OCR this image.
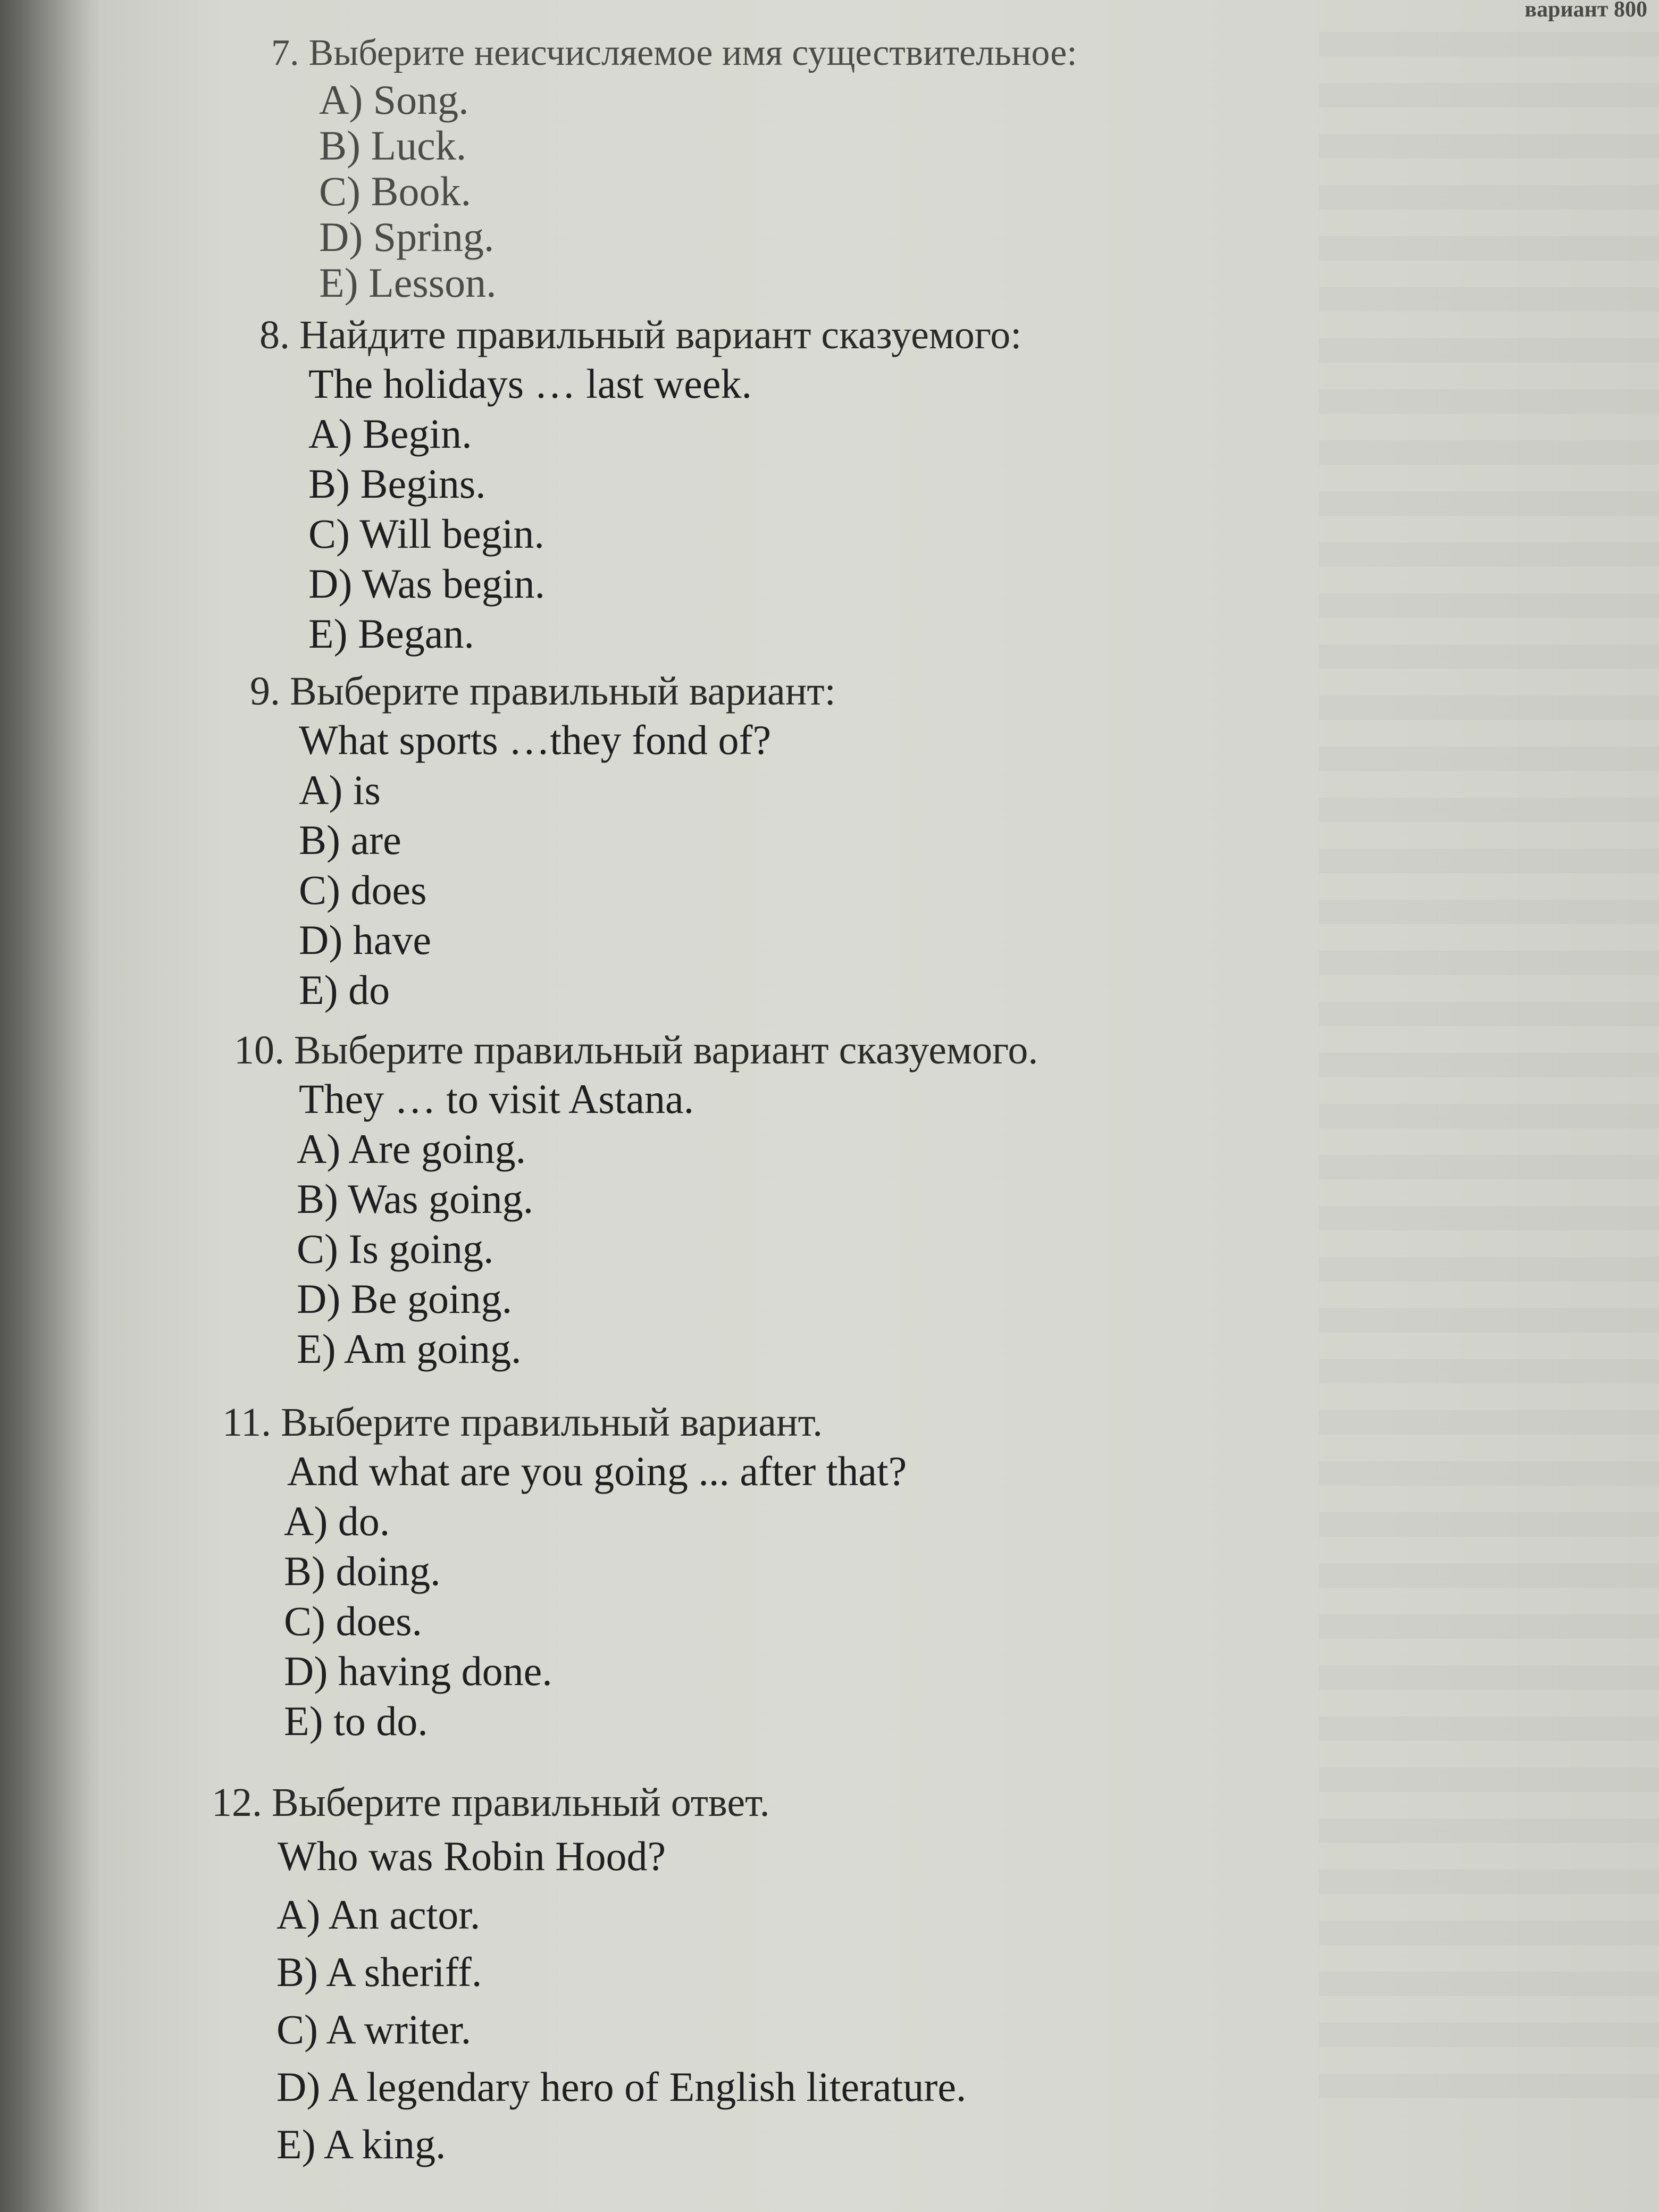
вариант 800
7. Выберите неисчисляемое имя существительное:
A) Song.
B) Luck.
C) Book.
D) Spring.
E) Lesson.
8. Найдите правильный вариант сказуемого:
The holidays … last week.
A) Begin.
B) Begins.
C) Will begin.
D) Was begin.
E) Began.
9. Выберите правильный вариант:
What sports …they fond of?
A) is
B) are
C) does
D) have
E) do
10. Выберите правильный вариант сказуемого.
They … to visit Astana.
A) Are going.
B) Was going.
C) Is going.
D) Be going.
E) Am going.
11. Выберите правильный вариант.
And what are you going ... after that?
A) do.
B) doing.
C) does.
D) having done.
E) to do.
12. Выберите правильный ответ.
Who was Robin Hood?
A) An actor.
B) A sheriff.
C) A writer.
D) A legendary hero of English literature.
E) A king.
